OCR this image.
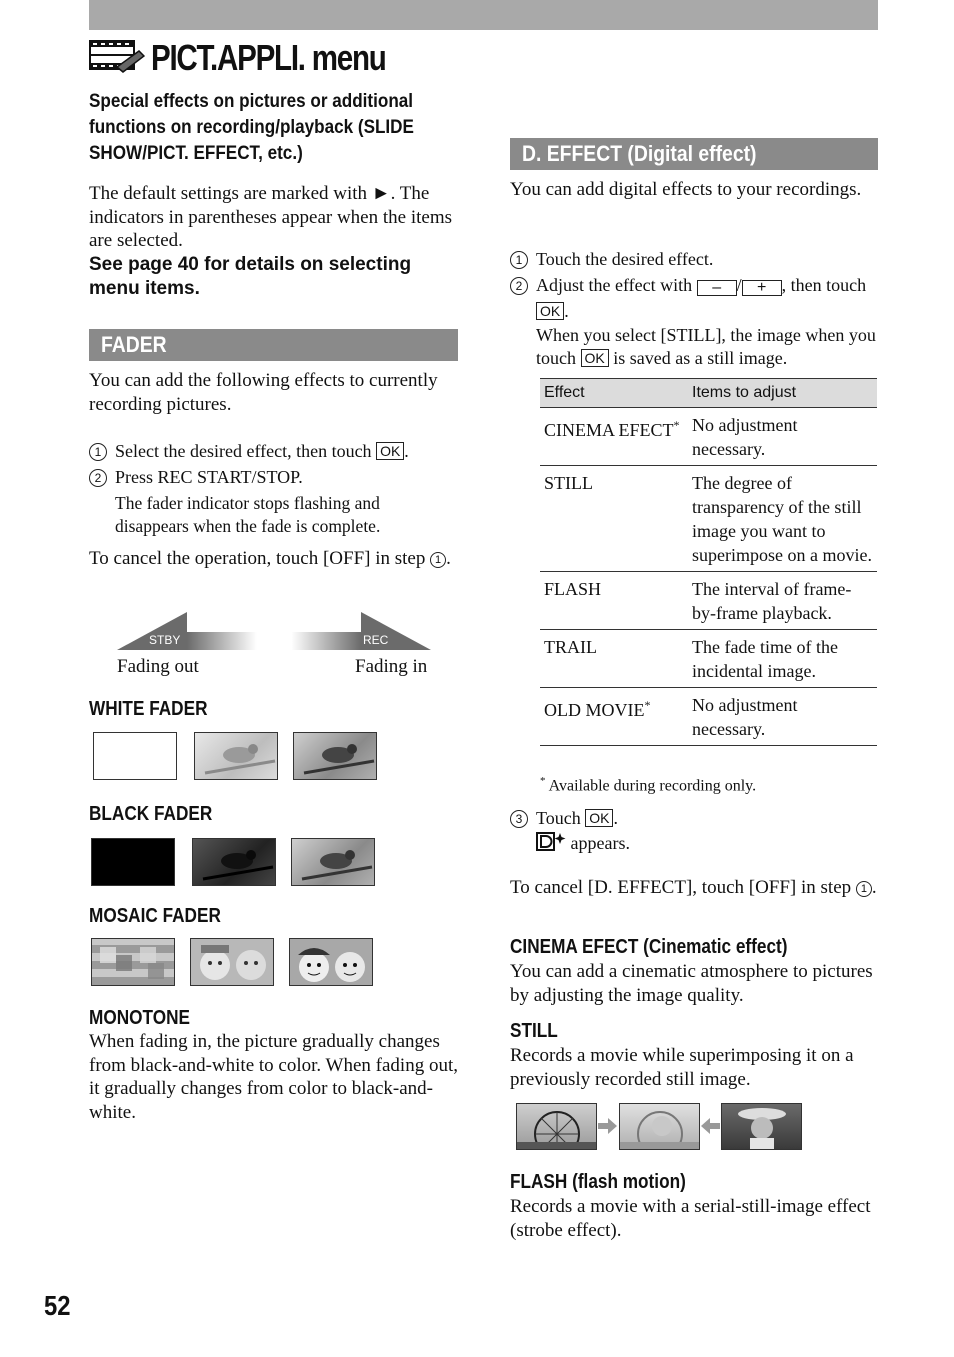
PICT.APPLI. menu
Special effects on pictures or additional functions on recording/playback (SLIDE SHOW/PICT. EFFECT, etc.)
The default settings are marked with ►. The indicators in parentheses appear when the items are selected.
See page 40 for details on selecting menu items.
FADER
You can add the following effects to currently recording pictures.
1 Select the desired effect, then touch OK .
2 Press REC START/STOP.
The fader indicator stops flashing and disappears when the fade is complete.
To cancel the operation, touch [OFF] in step 1 .
STBY	REC
Fading out	Fading in
WHITE FADER
BLACK FADER
MOSAIC FADER
MONOTONE
When fading in, the picture gradually changes from black-and-white to color. When fading out, it gradually changes from color to black-and-white.
D. EFFECT (Digital effect)
You can add digital effects to your recordings.
1 Touch the desired effect.
2 Adjust the effect with – / + , then touch
OK .
When you select [STILL], the image when you touch OK is saved as a still image.
Effect	Items to adjust
CINEMA EFECT*	No adjustment necessary.
STILL	The degree of transparency of the still image you want to superimpose on a movie.
FLASH	The interval of frame-by-frame playback.
TRAIL	The fade time of the incidental image.
OLD MOVIE*	No adjustment necessary.
* Available during recording only.
3 Touch OK .
appears.
To cancel [D. EFFECT], touch [OFF] in step 1 .
CINEMA EFECT (Cinematic effect)
You can add a cinematic atmosphere to pictures by adjusting the image quality.
STILL
Records a movie while superimposing it on a previously recorded still image.
FLASH (flash motion)
Records a movie with a serial-still-image effect (strobe effect).
52
